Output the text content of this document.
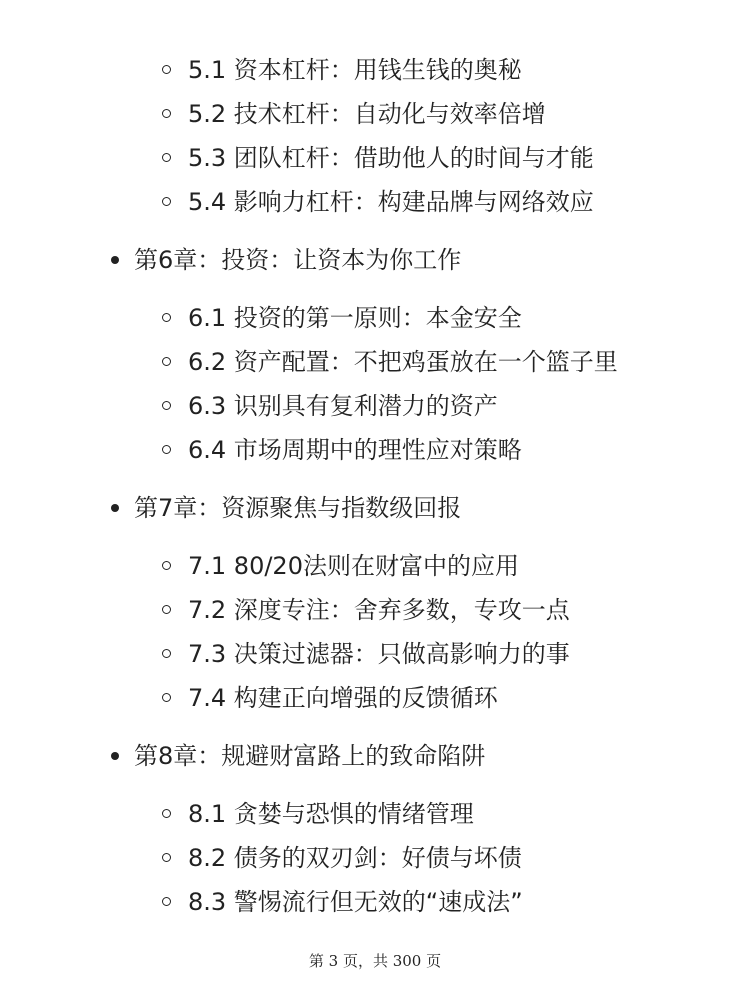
5.1 资本杠杆：用钱生钱的奥秘
5.2 技术杠杆：自动化与效率倍增
5.3 团队杠杆：借助他人的时间与才能
5.4 影响力杠杆：构建品牌与网络效应
第6章：投资：让资本为你工作
6.1 投资的第一原则：本金安全
6.2 资产配置：不把鸡蛋放在一个篮子里
6.3 识别具有复利潜力的资产
6.4 市场周期中的理性应对策略
第7章：资源聚焦与指数级回报
7.1 80/20法则在财富中的应用
7.2 深度专注：舍弃多数，专攻一点
7.3 决策过滤器：只做高影响力的事
7.4 构建正向增强的反馈循环
第8章：规避财富路上的致命陷阱
8.1 贪婪与恐惧的情绪管理
8.2 债务的双刃剑：好债与坏债
8.3 警惕流行但无效的“速成法”
第 3 页，共 300 页
